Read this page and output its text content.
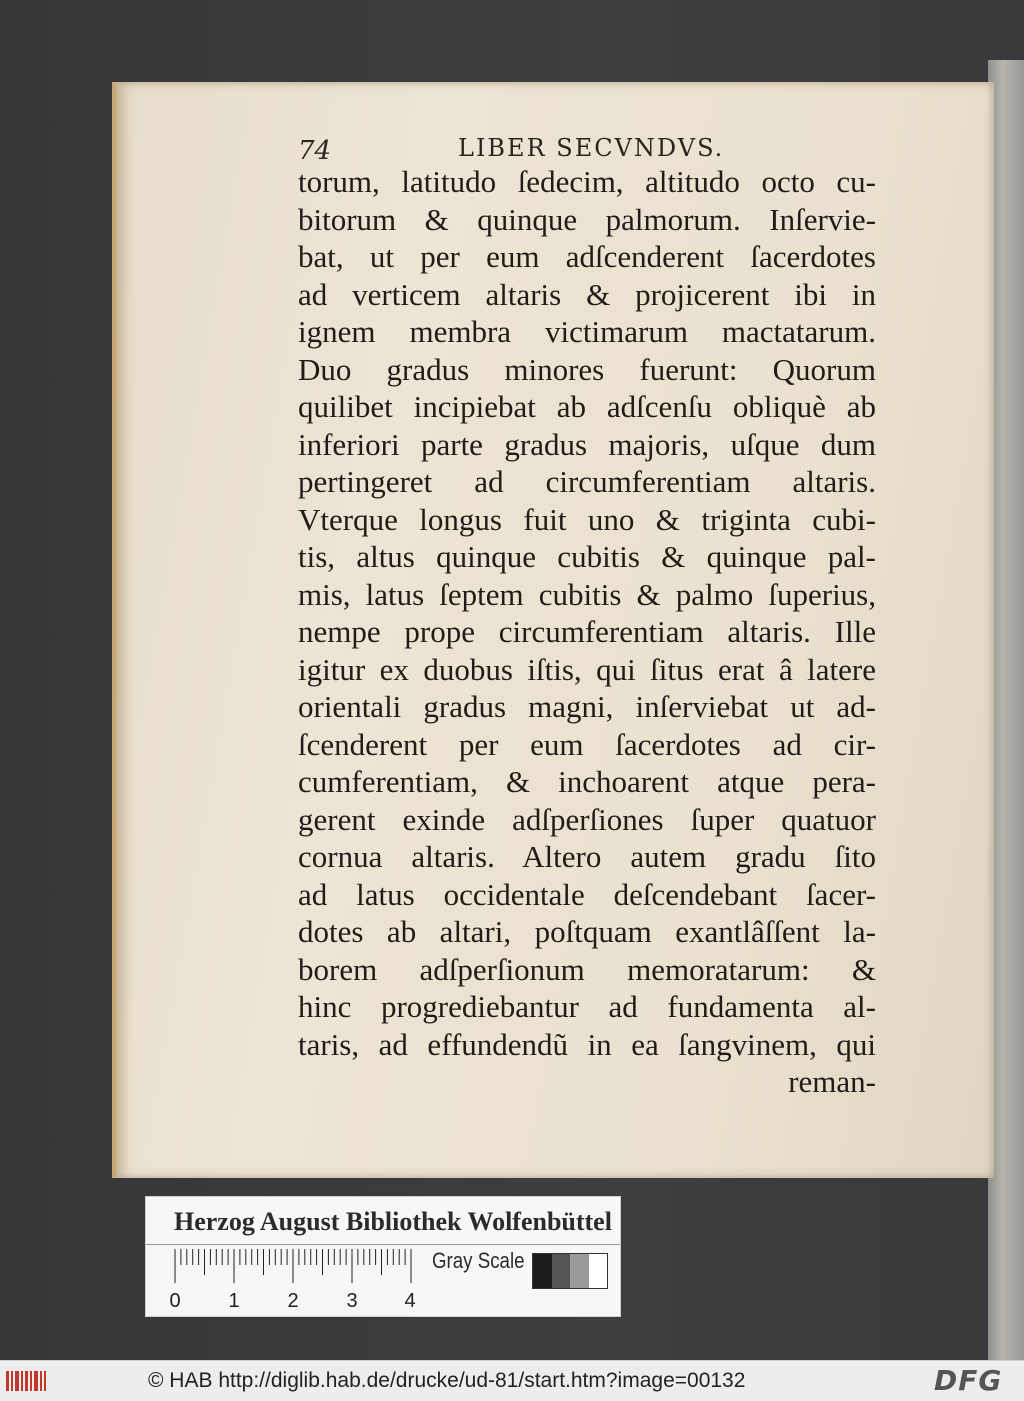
74	LIBER SECVNDVS.
torum, latitudo ſedecim, altitudo octo cu-
bitorum & quinque palmorum. Inſervie-
bat, ut per eum adſcenderent ſacerdotes
ad verticem altaris & projicerent ibi in
ignem membra victimarum mactatarum.
Duo gradus minores fuerunt: Quorum
quilibet incipiebat ab adſcenſu obliquè ab
inferiori parte gradus majoris, uſque dum
pertingeret ad circumferentiam altaris.
Vterque longus fuit uno & triginta cubi-
tis, altus quinque cubitis & quinque pal-
mis, latus ſeptem cubitis & palmo ſuperius,
nempe prope circumferentiam altaris. Ille
igitur ex duobus iſtis, qui ſitus erat â latere
orientali gradus magni, inſerviebat ut ad-
ſcenderent per eum ſacerdotes ad cir-
cumferentiam, & inchoarent atque pera-
gerent exinde adſperſiones ſuper quatuor
cornua altaris. Altero autem gradu ſito
ad latus occidentale deſcendebant ſacer-
dotes ab altari, poſtquam exantlâſſent la-
borem adſperſionum memoratarum: &
hinc progrediebantur ad fundamenta al-
taris, ad effundendũ in ea ſangvinem, qui
reman-
Herzog August Bibliothek Wolfenbüttel
0 1 2 3 4
Gray Scale
© HAB http://diglib.hab.de/drucke/ud-81/start.htm?image=00132	DFG
